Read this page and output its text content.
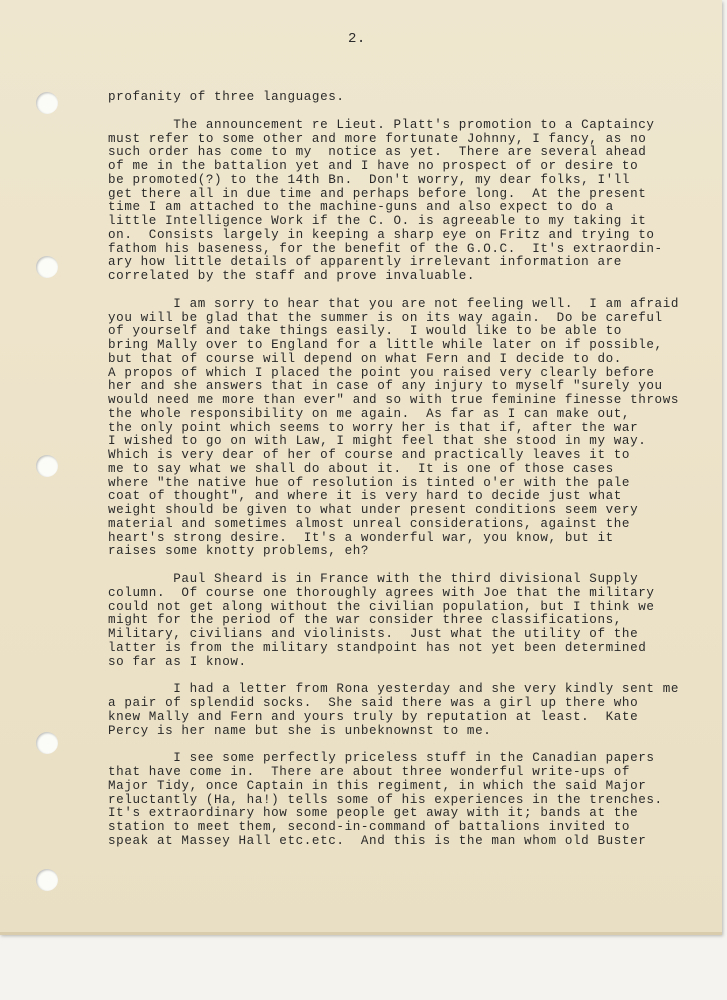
2.
profanity of three languages.
The announcement re Lieut. Platt's promotion to a Captaincy
must refer to some other and more fortunate Johnny, I fancy, as no
such order has come to my  notice as yet.  There are several ahead
of me in the battalion yet and I have no prospect of or desire to
be promoted(?) to the 14th Bn.  Don't worry, my dear folks, I'll
get there all in due time and perhaps before long.  At the present
time I am attached to the machine-guns and also expect to do a
little Intelligence Work if the C. O. is agreeable to my taking it
on.  Consists largely in keeping a sharp eye on Fritz and trying to
fathom his baseness, for the benefit of the G.O.C.  It's extraordin-
ary how little details of apparently irrelevant information are
correlated by the staff and prove invaluable.
I am sorry to hear that you are not feeling well.  I am afraid
you will be glad that the summer is on its way again.  Do be careful
of yourself and take things easily.  I would like to be able to
bring Mally over to England for a little while later on if possible,
but that of course will depend on what Fern and I decide to do.
A propos of which I placed the point you raised very clearly before
her and she answers that in case of any injury to myself "surely you
would need me more than ever" and so with true feminine finesse throws
the whole responsibility on me again.  As far as I can make out,
the only point which seems to worry her is that if, after the war
I wished to go on with Law, I might feel that she stood in my way.
Which is very dear of her of course and practically leaves it to
me to say what we shall do about it.  It is one of those cases
where "the native hue of resolution is tinted o'er with the pale
coat of thought", and where it is very hard to decide just what
weight should be given to what under present conditions seem very
material and sometimes almost unreal considerations, against the
heart's strong desire.  It's a wonderful war, you know, but it
raises some knotty problems, eh?
Paul Sheard is in France with the third divisional Supply
column.  Of course one thoroughly agrees with Joe that the military
could not get along without the civilian population, but I think we
might for the period of the war consider three classifications,
Military, civilians and violinists.  Just what the utility of the
latter is from the military standpoint has not yet been determined
so far as I know.
I had a letter from Rona yesterday and she very kindly sent me
a pair of splendid socks.  She said there was a girl up there who
knew Mally and Fern and yours truly by reputation at least.  Kate
Percy is her name but she is unbeknownst to me.
I see some perfectly priceless stuff in the Canadian papers
that have come in.  There are about three wonderful write-ups of
Major Tidy, once Captain in this regiment, in which the said Major
reluctantly (Ha, ha!) tells some of his experiences in the trenches.
It's extraordinary how some people get away with it; bands at the
station to meet them, second-in-command of battalions invited to
speak at Massey Hall etc.etc.  And this is the man whom old Buster
